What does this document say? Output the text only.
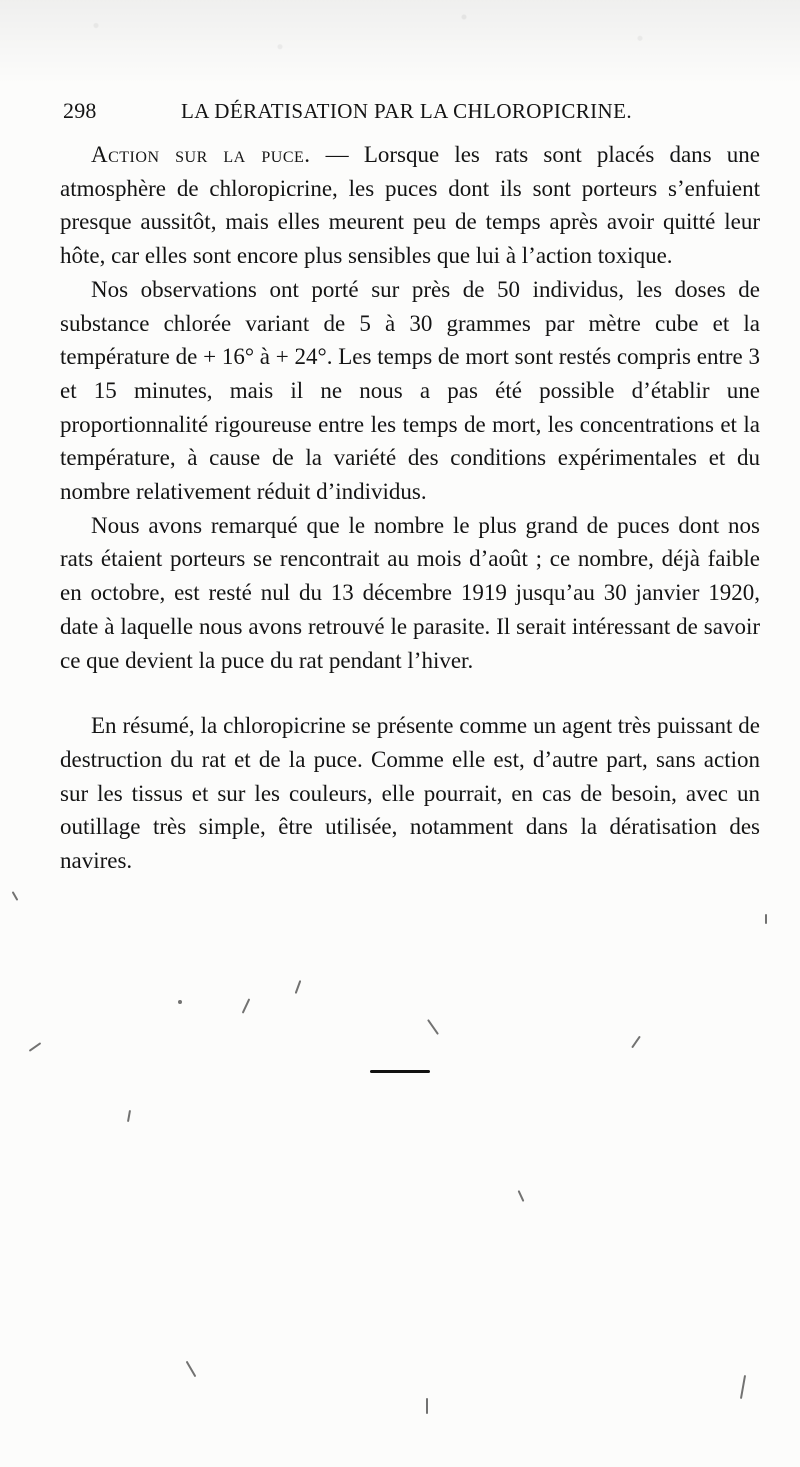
298	LA DÉRATISATION PAR LA CHLOROPICRINE.

Action sur la puce. — Lorsque les rats sont placés dans une atmosphère de chloropicrine, les puces dont ils sont porteurs s’enfuient presque aussitôt, mais elles meurent peu de temps après avoir quitté leur hôte, car elles sont encore plus sensibles que lui à l’action toxique.

Nos observations ont porté sur près de 50 individus, les doses de substance chlorée variant de 5 à 30 grammes par mètre cube et la température de + 16° à + 24°. Les temps de mort sont restés compris entre 3 et 15 minutes, mais il ne nous a pas été possible d’établir une proportionnalité rigoureuse entre les temps de mort, les concentrations et la température, à cause de la variété des conditions expérimentales et du nombre relativement réduit d’individus.

Nous avons remarqué que le nombre le plus grand de puces dont nos rats étaient porteurs se rencontrait au mois d’août ; ce nombre, déjà faible en octobre, est resté nul du 13 décembre 1919 jusqu’au 30 janvier 1920, date à laquelle nous avons retrouvé le parasite. Il serait intéressant de savoir ce que devient la puce du rat pendant l’hiver.

En résumé, la chloropicrine se présente comme un agent très puissant de destruction du rat et de la puce. Comme elle est, d’autre part, sans action sur les tissus et sur les couleurs, elle pourrait, en cas de besoin, avec un outillage très simple, être utilisée, notamment dans la dératisation des navires.
